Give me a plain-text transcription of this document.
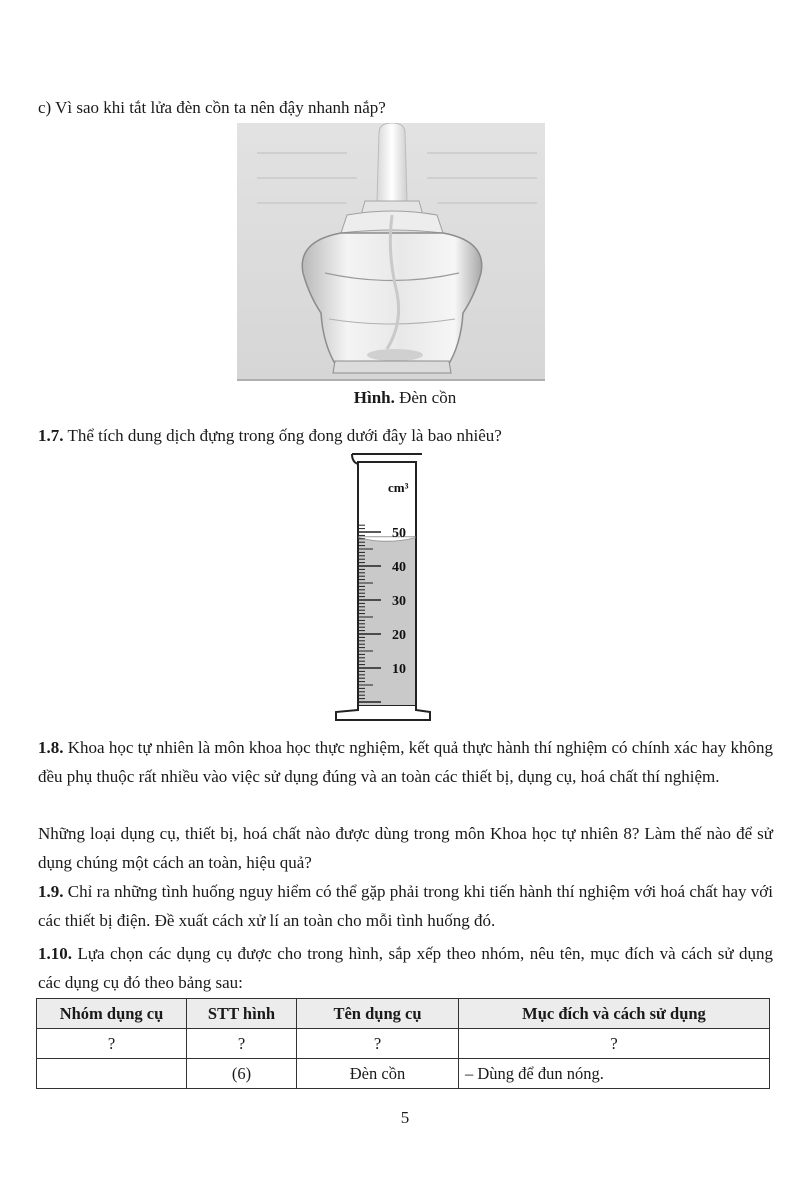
c) Vì sao khi tắt lửa đèn cồn ta nên đậy nhanh nắp?
Hình. Đèn cồn
1.7. Thể tích dung dịch đựng trong ống đong dưới đây là bao nhiêu?
cm³
50
40
30
20
10
1.8. Khoa học tự nhiên là môn khoa học thực nghiệm, kết quả thực hành thí nghiệm có chính xác hay không đều phụ thuộc rất nhiều vào việc sử dụng đúng và an toàn các thiết bị, dụng cụ, hoá chất thí nghiệm.
Những loại dụng cụ, thiết bị, hoá chất nào được dùng trong môn Khoa học tự nhiên 8? Làm thế nào để sử dụng chúng một cách an toàn, hiệu quả?
1.9. Chỉ ra những tình huống nguy hiểm có thể gặp phải trong khi tiến hành thí nghiệm với hoá chất hay với các thiết bị điện. Đề xuất cách xử lí an toàn cho mỗi tình huống đó.
1.10. Lựa chọn các dụng cụ được cho trong hình, sắp xếp theo nhóm, nêu tên, mục đích và cách sử dụng các dụng cụ đó theo bảng sau:
Nhóm dụng cụ	STT hình	Tên dụng cụ	Mục đích và cách sử dụng
?	?	?	?
	(6)	Đèn cồn	– Dùng để đun nóng.
5
